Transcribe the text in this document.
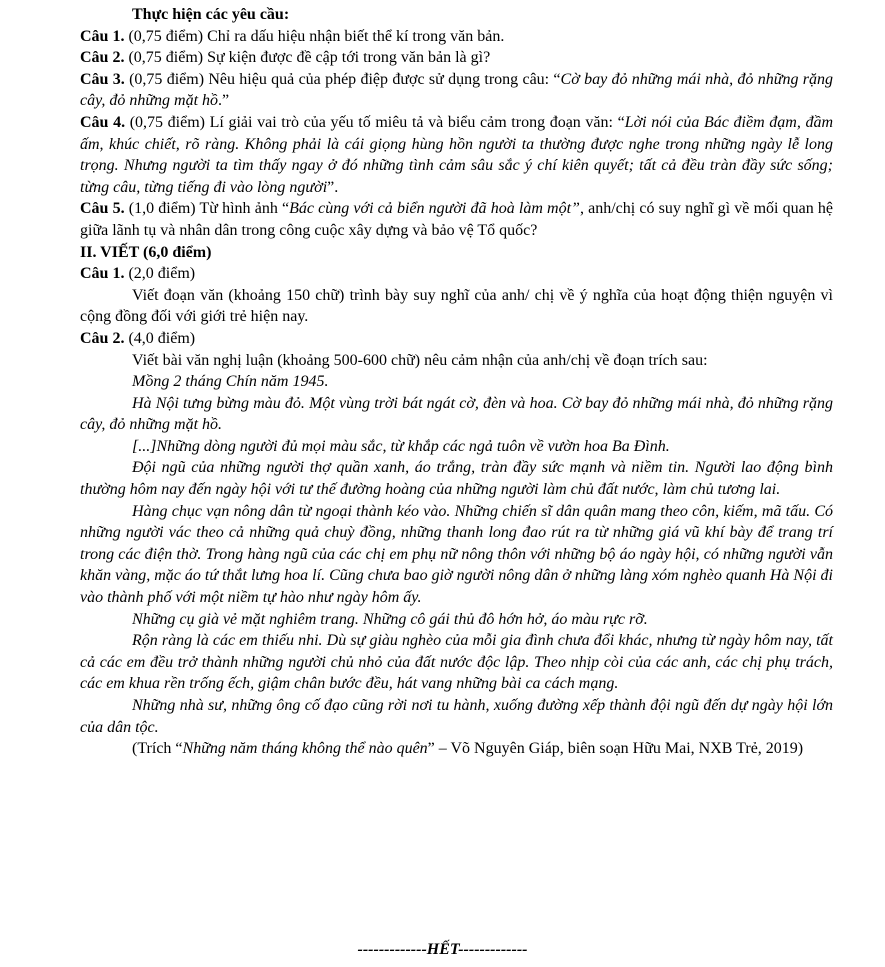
Thực hiện các yêu cầu:

Câu 1. (0,75 điểm) Chỉ ra dấu hiệu nhận biết thể kí trong văn bản.

Câu 2. (0,75 điểm) Sự kiện được đề cập tới trong văn bản là gì?

Câu 3. (0,75 điểm) Nêu hiệu quả của phép điệp được sử dụng trong câu: “Cờ bay đỏ những mái nhà, đỏ những rặng cây, đỏ những mặt hồ.”

Câu 4. (0,75 điểm) Lí giải vai trò của yếu tố miêu tả và biểu cảm trong đoạn văn: “Lời nói của Bác điềm đạm, đầm ấm, khúc chiết, rõ ràng. Không phải là cái giọng hùng hồn người ta thường được nghe trong những ngày lễ long trọng. Nhưng người ta tìm thấy ngay ở đó những tình cảm sâu sắc ý chí kiên quyết; tất cả đều tràn đầy sức sống; từng câu, từng tiếng đi vào lòng người”.

Câu 5. (1,0 điểm) Từ hình ảnh “Bác cùng với cả biển người đã hoà làm một”, anh/chị có suy nghĩ gì về mối quan hệ giữa lãnh tụ và nhân dân trong công cuộc xây dựng và bảo vệ Tổ quốc?

II. VIẾT (6,0 điểm)

Câu 1. (2,0 điểm)

Viết đoạn văn (khoảng 150 chữ) trình bày suy nghĩ của anh/ chị về ý nghĩa của hoạt động thiện nguyện vì cộng đồng đối với giới trẻ hiện nay.

Câu 2. (4,0 điểm)

Viết bài văn nghị luận (khoảng 500-600 chữ) nêu cảm nhận của anh/chị về đoạn trích sau:

Mồng 2 tháng Chín năm 1945.

Hà Nội tưng bừng màu đỏ. Một vùng trời bát ngát cờ, đèn và hoa. Cờ bay đỏ những mái nhà, đỏ những rặng cây, đỏ những mặt hồ.

[...]Những dòng người đủ mọi màu sắc, từ khắp các ngả tuôn về vườn hoa Ba Đình.

Đội ngũ của những người thợ quần xanh, áo trắng, tràn đầy sức mạnh và niềm tin. Người lao động bình thường hôm nay đến ngày hội với tư thế đường hoàng của những người làm chủ đất nước, làm chủ tương lai.

Hàng chục vạn nông dân từ ngoại thành kéo vào. Những chiến sĩ dân quân mang theo côn, kiếm, mã tấu. Có những người vác theo cả những quả chuỳ đồng, những thanh long đao rút ra từ những giá vũ khí bày để trang trí trong các điện thờ. Trong hàng ngũ của các chị em phụ nữ nông thôn với những bộ áo ngày hội, có những người vẫn khăn vàng, mặc áo tứ thắt lưng hoa lí. Cũng chưa bao giờ người nông dân ở những làng xóm nghèo quanh Hà Nội đi vào thành phố với một niềm tự hào như ngày hôm ấy.

Những cụ già vẻ mặt nghiêm trang. Những cô gái thủ đô hớn hở, áo màu rực rỡ.

Rộn ràng là các em thiếu nhi. Dù sự giàu nghèo của mỗi gia đình chưa đổi khác, nhưng từ ngày hôm nay, tất cả các em đều trở thành những người chủ nhỏ của đất nước độc lập. Theo nhịp còi của các anh, các chị phụ trách, các em khua rền trống ếch, giậm chân bước đều, hát vang những bài ca cách mạng.

Những nhà sư, những ông cố đạo cũng rời nơi tu hành, xuống đường xếp thành đội ngũ đến dự ngày hội lớn của dân tộc.

(Trích “Những năm tháng không thể nào quên” – Võ Nguyên Giáp, biên soạn Hữu Mai, NXB Trẻ, 2019)

-------------HẾT-------------
